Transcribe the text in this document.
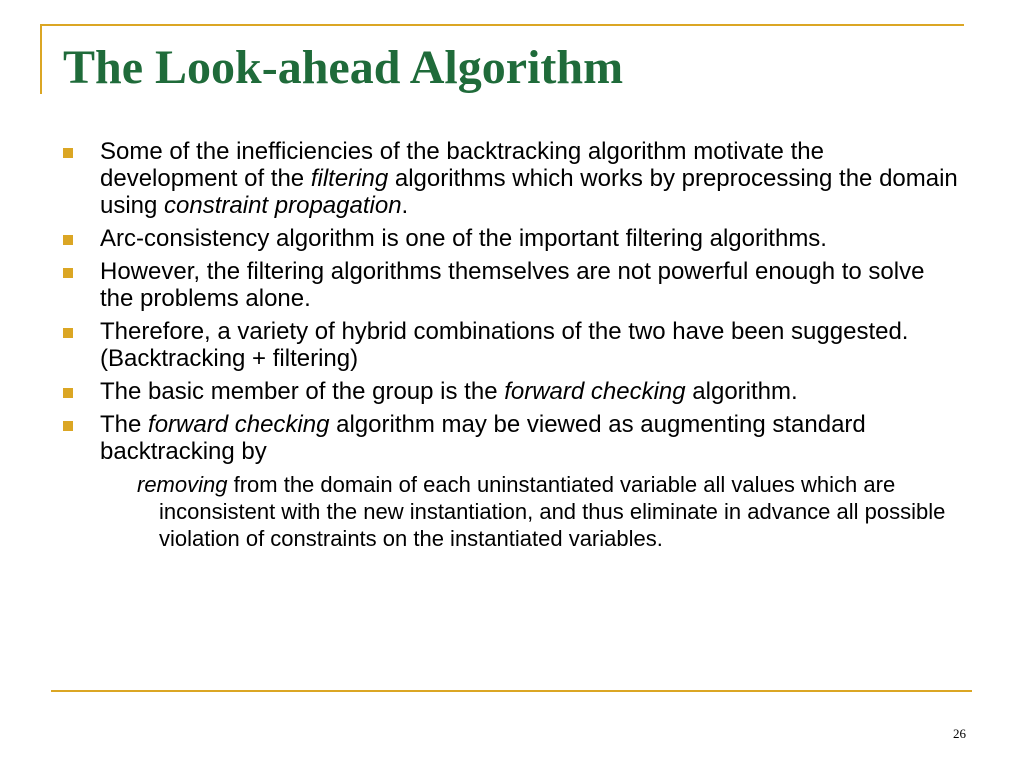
The Look-ahead Algorithm
Some of the inefficiencies of the backtracking algorithm motivate the development of the filtering algorithms which works by preprocessing the domain using constraint propagation.
Arc-consistency algorithm is one of the important filtering algorithms.
However, the filtering algorithms themselves are not powerful enough to solve the problems alone.
Therefore, a variety of hybrid combinations of the two have been suggested. (Backtracking + filtering)
The basic member of the group is the forward checking algorithm.
The forward checking algorithm may be viewed as augmenting standard backtracking by
removing from the domain of each uninstantiated variable all values which are inconsistent with the new instantiation, and thus eliminate in advance all possible violation of constraints on the instantiated variables.
26
